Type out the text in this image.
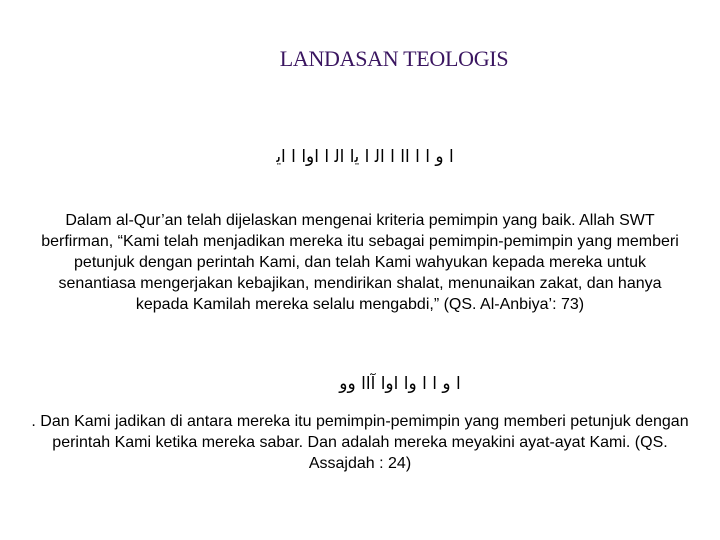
LANDASAN TEOLOGIS
ﺍ ﻭ ﺍ ﺍ ﺍﺍ ﺍ ﺍﻟ ﺍ ﻳﺍ ﺍﻟ ﺍ ﺍﻭﺍ ﺍ ﺍﻳ
Dalam al-Qur’an telah dijelaskan mengenai kriteria pemimpin yang baik. Allah SWT berfirman, “Kami telah menjadikan mereka itu sebagai pemimpin-pemimpin yang memberi petunjuk dengan perintah Kami, dan telah Kami wahyukan kepada mereka untuk senantiasa mengerjakan kebajikan, mendirikan shalat, menunaikan zakat, dan hanya kepada Kamilah mereka selalu mengabdi,” (QS. Al-Anbiya’: 73)
ﺍ ﻭ ﺍ ﺍ ﻭﺍ ﺍﻭﺍ ﺁﺍﺍ ﻭﻭ
. Dan Kami jadikan di antara mereka itu pemimpin-pemimpin yang memberi petunjuk dengan perintah Kami ketika mereka sabar. Dan adalah mereka meyakini ayat-ayat Kami. (QS. Assajdah : 24)
